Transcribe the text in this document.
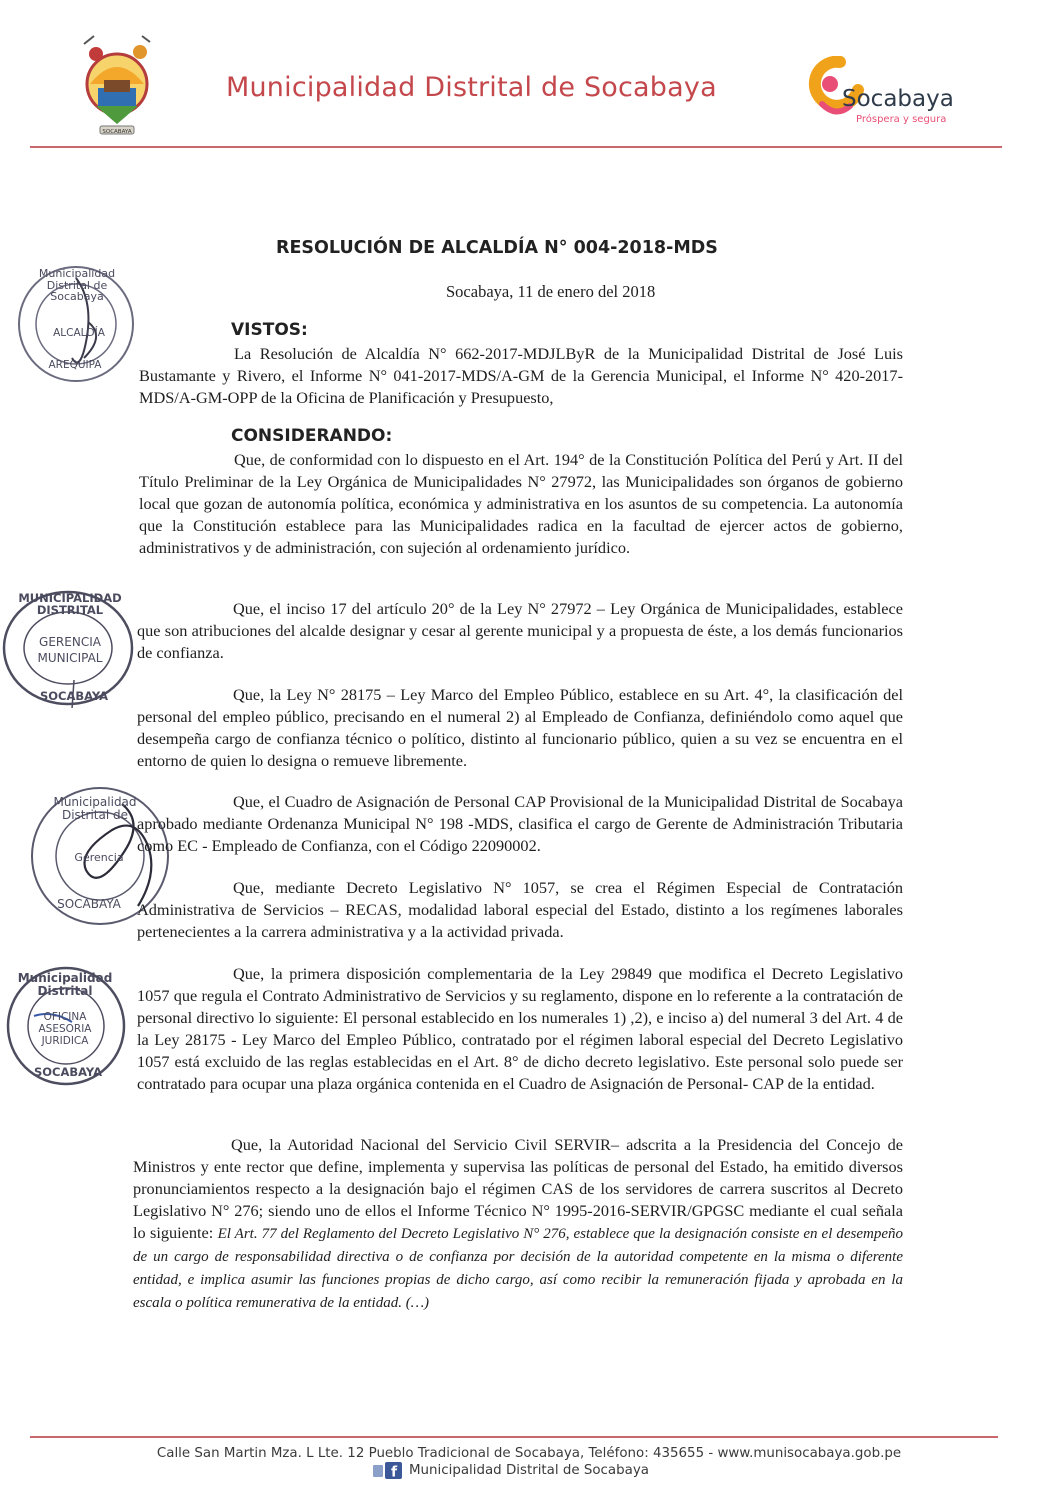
SOCABAYA
Municipalidad Distrital de Socabaya	Socabaya
Próspera y segura
Municipalidad Distrital de Socabaya
ALCALDÍA
AREQUIPA
MUNICIPALIDAD DISTRITAL
GERENCIA
MUNICIPAL
SOCABAYA
Municipalidad Distrital de
Gerencia
SOCABAYA
Municipalidad Distrital
OFICINA
ASESORIA
JURIDICA
SOCABAYA
RESOLUCIÓN DE ALCALDÍA N° 004-2018-MDS
Socabaya, 11 de enero del 2018
VISTOS:
La Resolución de Alcaldía N° 662-2017-MDJLByR de la Municipalidad Distrital de José Luis Bustamante y Rivero, el Informe N° 041-2017-MDS/A-GM de la Gerencia Municipal, el Informe N° 420-2017-MDS/A-GM-OPP de la Oficina de Planificación y Presupuesto,
CONSIDERANDO:
Que, de conformidad con lo dispuesto en el Art. 194° de la Constitución Política del Perú y Art. II del Título Preliminar de la Ley Orgánica de Municipalidades N° 27972, las Municipalidades son órganos de gobierno local que gozan de autonomía política, económica y administrativa en los asuntos de su competencia. La autonomía que la Constitución establece para las Municipalidades radica en la facultad de ejercer actos de gobierno, administrativos y de administración, con sujeción al ordenamiento jurídico.
Que, el inciso 17 del artículo 20° de la Ley N° 27972 – Ley Orgánica de Municipalidades, establece que son atribuciones del alcalde designar y cesar al gerente municipal y a propuesta de éste, a los demás funcionarios de confianza.
Que, la Ley N° 28175 – Ley Marco del Empleo Público, establece en su Art. 4°, la clasificación del personal del empleo público, precisando en el numeral 2) al Empleado de Confianza, definiéndolo como aquel que desempeña cargo de confianza técnico o político, distinto al funcionario público, quien a su vez se encuentra en el entorno de quien lo designa o remueve libremente.
Que, el Cuadro de Asignación de Personal CAP Provisional de la Municipalidad Distrital de Socabaya aprobado mediante Ordenanza Municipal N° 198 -MDS, clasifica el cargo de Gerente de Administración Tributaria como EC - Empleado de Confianza, con el Código 22090002.
Que, mediante Decreto Legislativo N° 1057, se crea el Régimen Especial de Contratación Administrativa de Servicios – RECAS, modalidad laboral especial del Estado, distinto a los regímenes laborales pertenecientes a la carrera administrativa y a la actividad privada.
Que, la primera disposición complementaria de la Ley 29849 que modifica el Decreto Legislativo 1057 que regula el Contrato Administrativo de Servicios y su reglamento, dispone en lo referente a la contratación de personal directivo lo siguiente: El personal establecido en los numerales 1) ,2), e inciso a) del numeral 3 del Art. 4 de la Ley 28175 - Ley Marco del Empleo Público, contratado por el régimen laboral especial del Decreto Legislativo 1057 está excluido de las reglas establecidas en el Art. 8° de dicho decreto legislativo. Este personal solo puede ser contratado para ocupar una plaza orgánica contenida en el Cuadro de Asignación de Personal- CAP de la entidad.
Que, la Autoridad Nacional del Servicio Civil SERVIR– adscrita a la Presidencia del Concejo de Ministros y ente rector que define, implementa y supervisa las políticas de personal del Estado, ha emitido diversos pronunciamientos respecto a la designación bajo el régimen CAS de los servidores de carrera suscritos al Decreto Legislativo N° 276; siendo uno de ellos el Informe Técnico N° 1995-2016-SERVIR/GPGSC mediante el cual señala lo siguiente: El Art. 77 del Reglamento del Decreto Legislativo N° 276, establece que la designación consiste en el desempeño de un cargo de responsabilidad directiva o de confianza por decisión de la autoridad competente en la misma o diferente entidad, e implica asumir las funciones propias de dicho cargo, así como recibir la remuneración fijada y aprobada en la escala o política remunerativa de la entidad. (…)
Calle San Martin Mza. L Lte. 12 Pueblo Tradicional de Socabaya, Teléfono: 435655 - www.munisocabaya.gob.pe
f Municipalidad Distrital de Socabaya
